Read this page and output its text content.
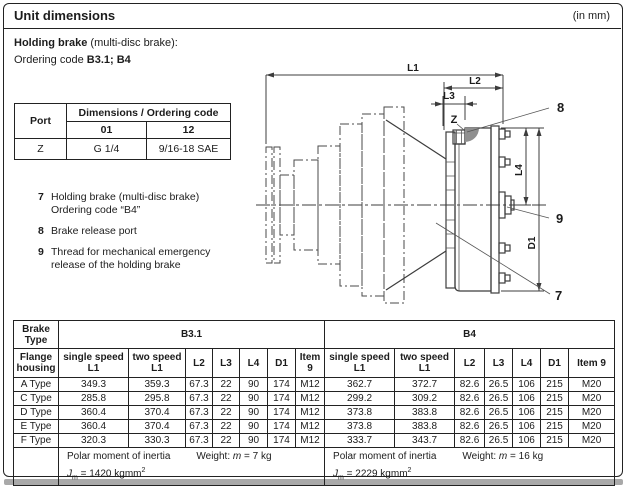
Unit dimensions	(in mm)
Holding brake (multi-disc brake):
Ordering code B3.1; B4
Port	Dimensions / Ordering code	
	01	12
Z	G 1/4	9/16-18 SAE
7 Holding brake (multi-disc brake) Ordering code “B4”
8 Brake release port
9 Thread for mechanical emergency release of the holding brake
L1
L2
L3
Z
L4
D1
8
9
7
Brake Type	B3.1							B4						
Flange housing	single speed L1	two speed L1	L2	L3	L4	D1	Item 9	single speed L1	two speed L1	L2	L3	L4	D1	Item 9
A Type	349.3	359.3	67.3	22	90	174	M12	362.7	372.7	82.6	26.5	106	215	M20
C Type	285.8	295.8	67.3	22	90	174	M12	299.2	309.2	82.6	26.5	106	215	M20
D Type	360.4	370.4	67.3	22	90	174	M12	373.8	383.8	82.6	26.5	106	215	M20
E Type	360.4	370.4	67.3	22	90	174	M12	373.8	383.8	82.6	26.5	106	215	M20
F Type	320.3	330.3	67.3	22	90	174	M12	333.7	343.7	82.6	26.5	106	215	M20

Polar moment of inertia
$J_m = 1420$ kgmm$^2$
Weight: m = 7 kg	Polar moment of inertia
$J_m = 2229$ kgmm$^2$
Weight: m = 16 kg
